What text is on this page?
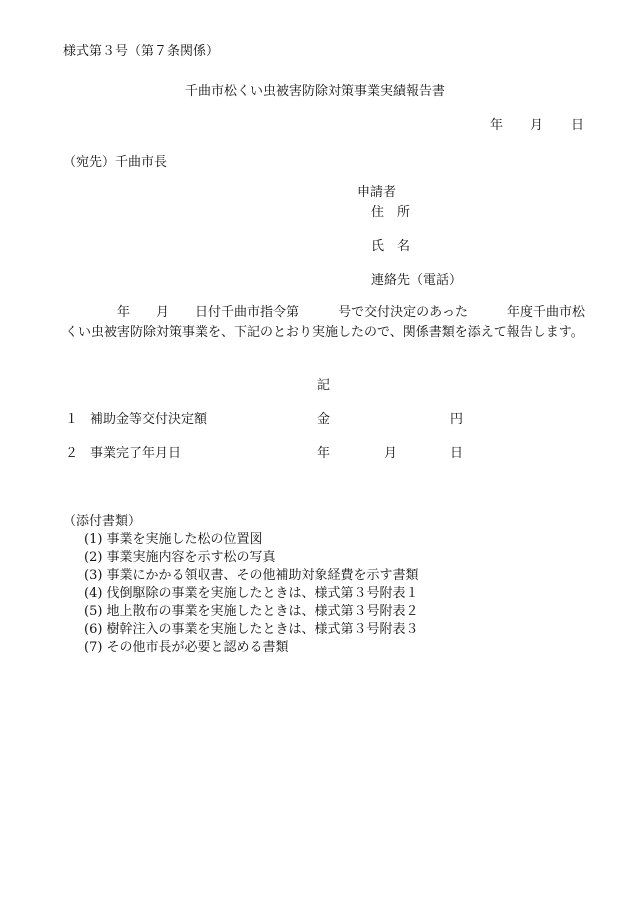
様式第３号（第７条関係）
千曲市松くい虫被害防除対策事業実績報告書
年 月 日
（宛先）千曲市長
申請者
住　所
氏　名
連絡先（電話）
　　　　年　　月　　日付千曲市指令第　　　号で交付決定のあった　　　年度千曲市松くい虫被害防除対策事業を、下記のとおり実施したので、関係書類を添えて報告します。
記
１ 補助金等交付決定額	金	円
２ 事業完了年月日	年	月	日
（添付書類）
(1) 事業を実施した松の位置図
(2) 事業実施内容を示す松の写真
(3) 事業にかかる領収書、その他補助対象経費を示す書類
(4) 伐倒駆除の事業を実施したときは、様式第３号附表１
(5) 地上散布の事業を実施したときは、様式第３号附表２
(6) 樹幹注入の事業を実施したときは、様式第３号附表３
(7) その他市長が必要と認める書類
